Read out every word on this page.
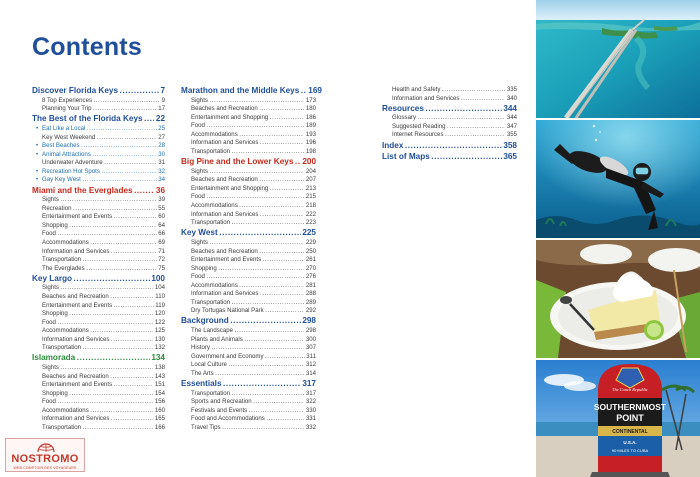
Contents
Discover Florida Keys .....	7
8 Top Experiences .....	9
Planning Your Trip .....	17
The Best of the Florida Keys ..... 22
• Eat Like a Local .....	25
Key West Weekend .....	27
• Best Beaches .....	28
• Animal Attractions .....	30
Underwater Adventure .....	31
• Recreation Hot Spots .....	32
• Gay Key West .....	34
Miami and the Everglades .....	36
Sights .....	39
Recreation .....	55
Entertainment and Events .....	60
Shopping .....	64
Food .....	66
Accommodations .....	69
Information and Services .....	71
Transportation .....	72
The Everglades .....	75
Key Largo .....	100
Sights .....	104
Beaches and Recreation .....	110
Entertainment and Events .....	119
Shopping .....	120
Food .....	122
Accommodations .....	125
Information and Services .....	130
Transportation .....	132
Islamorada .....	134
Sights .....	138
Beaches and Recreation .....	143
Entertainment and Events .....	151
Shopping .....	154
Food .....	156
Accommodations .....	160
Information and Services .....	165
Transportation .....	166
Marathon and the Middle Keys ..... 169
Sights .....	173
Beaches and Recreation .....	180
Entertainment and Shopping .....	186
Food .....	189
Accommodations .....	193
Information and Services .....	196
Transportation .....	198
Big Pine and the Lower Keys ..... 200
Sights .....	204
Beaches and Recreation .....	207
Entertainment and Shopping .....	213
Food .....	215
Accommodations .....	218
Information and Services .....	222
Transportation .....	223
Key West .....	225
Sights .....	229
Beaches and Recreation .....	250
Entertainment and Events .....	261
Shopping .....	270
Food .....	276
Accommodations .....	281
Information and Services .....	288
Transportation .....	289
Dry Tortugas National Park .....	292
Background .....	298
The Landscape .....	298
Plants and Animals .....	300
History .....	307
Government and Economy .....	311
Local Culture .....	312
The Arts .....	314
Essentials .....	317
Transportation .....	317
Sports and Recreation .....	322
Festivals and Events .....	330
Food and Accommodations .....	331
Travel Tips .....	332
Health and Safety .....	335
Information and Services .....	340
Resources .....	344
Glossary .....	344
Suggested Reading .....	347
Internet Resources .....	355
Index .....	358
List of Maps .....	365
The Conch Republic
SOUTHERNMOST
POINT
CONTINENTAL
U.S.A.
90 MILES TO CUBA
NOSTROMO
WEB COMPTOIR DES VOYAGEURS
